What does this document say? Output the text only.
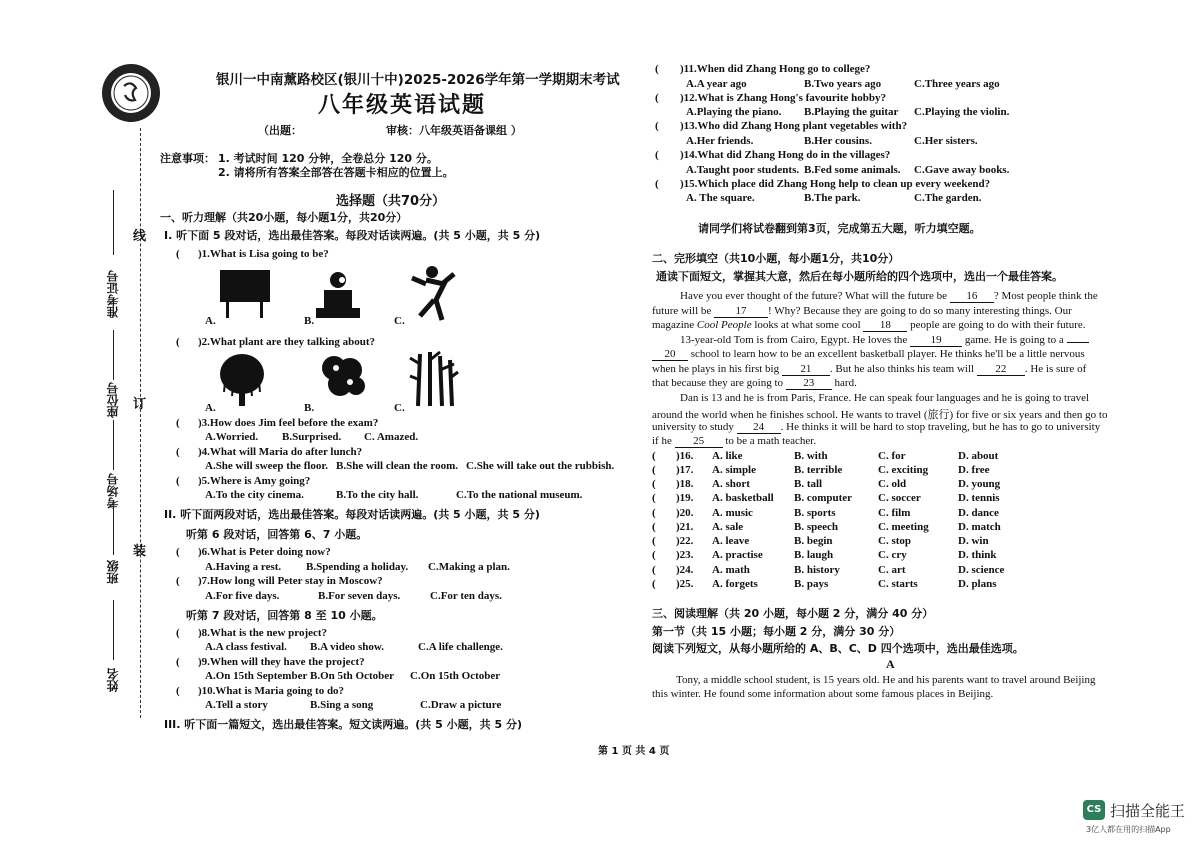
线
订
装
准考证号
座位号
考场号
班级
姓名
银川一中南薰路校区(银川十中)2025-2026学年第一学期期末考试
八年级英语试题
（出题：	审核：八年级英语备课组 ）
注意事项： 1. 考试时间 120 分钟，全卷总分 120 分。
2. 请将所有答案全部答在答题卡相应的位置上。
选择题（共70分）
一、听力理解（共20小题，每小题1分，共20分）
I. 听下面 5 段对话，选出最佳答案。每段对话读两遍。(共 5 小题，共 5 分)
( )1.What is Lisa going to be?
A.	B.	C.
( )2.What plant are they talking about?
A.	B.	C.
( )3.How does Jim feel before the exam?
A.Worried. B.Surprised. C. Amazed.
( )4.What will Maria do after lunch?
A.She will sweep the floor. B.She will clean the room. C.She will take out the rubbish.
( )5.Where is Amy going?
A.To the city cinema.	B.To the city hall.	C.To the national museum.
II. 听下面两段对话，选出最佳答案。每段对话读两遍。(共 5 小题，共 5 分)
听第 6 段对话，回答第 6、7 小题。
( )6.What is Peter doing now?
A.Having a rest. B.Spending a holiday. C.Making a plan.
( )7.How long will Peter stay in Moscow?
A.For five days.	B.For seven days.	C.For ten days.
听第 7 段对话，回答第 8 至 10 小题。
( )8.What is the new project?
A.A class festival. B.A video show.	C.A life challenge.
( )9.When will they have the project?
A.On 15th September B.On 5th October C.On 15th October
( )10.What is Maria going to do?
A.Tell a story	B.Sing a song	C.Draw a picture
III. 听下面一篇短文，选出最佳答案。短文读两遍。(共 5 小题，共 5 分)
( )11.When did Zhang Hong go to college?
A.A year ago	B.Two years ago	C.Three years ago
( )12.What is Zhang Hong's favourite hobby?
A.Playing the piano. B.Playing the guitar C.Playing the violin.
( )13.Who did Zhang Hong plant vegetables with?
A.Her friends.	B.Her cousins.	C.Her sisters.
( )14.What did Zhang Hong do in the villages?
A.Taught poor students. B.Fed some animals. C.Gave away books.
( )15.Which place did Zhang Hong help to clean up every weekend?
A. The square.	B.The park.	C.The garden.
请同学们将试卷翻到第3页，完成第五大题，听力填空题。
二、完形填空（共10小题，每小题1分，共10分）
通读下面短文，掌握其大意，然后在每小题所给的四个选项中，选出一个最佳答案。
Have you ever thought of the future? What will the future be 16 ? Most people think the
future will be 17 ! Why? Because they are going to do so many interesting things. Our
magazine Cool People looks at what some cool 18 people are going to do with their future.
13-year-old Tom is from Cairo, Egypt. He loves the 19 game. He is going to a
20 school to learn how to be an excellent basketball player. He thinks he'll be a little nervous
when he plays in his first big 21 . But he also thinks his team will 22 . He is sure of
that because they are going to 23 hard.
Dan is 13 and he is from Paris, France. He can speak four languages and he is going to travel
around the world when he finishes school. He wants to travel (旅行) for five or six years and then go to
university to study 24 . He thinks it will be hard to stop traveling, but he has to go to university
if he 25 to be a math teacher.
( )16. A. like	B. with	C. for	D. about
( )17. A. simple	B. terrible	C. exciting	D. free
( )18. A. short	B. tall	C. old	D. young
( )19. A. basketball B. computer C. soccer	D. tennis
( )20. A. music	B. sports	C. film	D. dance
( )21. A. sale	B. speech	C. meeting	D. match
( )22. A. leave	B. begin	C. stop	D. win
( )23. A. practise	B. laugh	C. cry	D. think
( )24. A. math	B. history	C. art	D. science
( )25. A. forgets	B. pays	C. starts	D. plans
三、阅读理解（共 20 小题，每小题 2 分，满分 40 分）
第一节（共 15 小题；每小题 2 分，满分 30 分）
阅读下列短文，从每小题所给的 A、B、C、D 四个选项中，选出最佳选项。
A
Tony, a middle school student, is 15 years old. He and his parents want to travel around Beijing
this winter. He found some information about some famous places in Beijing.
第 1 页 共 4 页
CS 扫描全能王
3亿人都在用的扫描App
